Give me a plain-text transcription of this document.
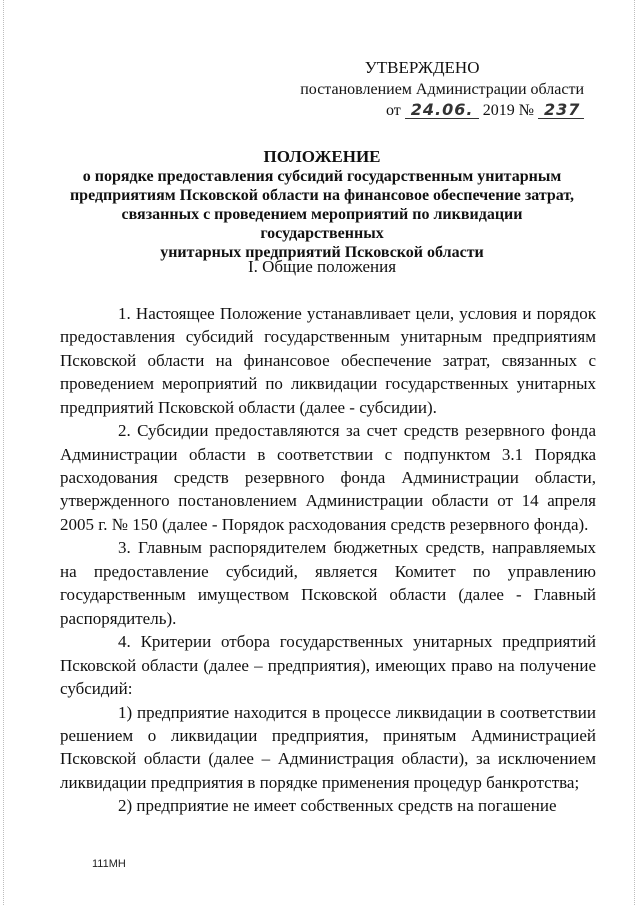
УТВЕРЖДЕНО
постановлением Администрации области
от 24.06. 2019 № 237
ПОЛОЖЕНИЕ
о порядке предоставления субсидий государственным унитарным
предприятиям Псковской области на финансовое обеспечение затрат,
связанных с проведением мероприятий по ликвидации государственных
унитарных предприятий Псковской области
I. Общие положения

1. Настоящее Положение устанавливает цели, условия и порядок предоставления субсидий государственным унитарным предприятиям Псковской области на финансовое обеспечение затрат, связанных с проведением мероприятий по ликвидации государственных унитарных предприятий Псковской области (далее - субсидии).

2. Субсидии предоставляются за счет средств резервного фонда Администрации области в соответствии с подпунктом 3.1 Порядка расходования средств резервного фонда Администрации области, утвержденного постановлением Администрации области от 14 апреля 2005 г. № 150 (далее - Порядок расходования средств резервного фонда).

3. Главным распорядителем бюджетных средств, направляемых на предоставление субсидий, является Комитет по управлению государственным имуществом Псковской области (далее - Главный распорядитель).

4. Критерии отбора государственных унитарных предприятий Псковской области (далее – предприятия), имеющих право на получение субсидий:

1) предприятие находится в процессе ликвидации в соответствии решением о ликвидации предприятия, принятым Администрацией Псковской области (далее – Администрация области), за исключением ликвидации предприятия в порядке применения процедур банкротства;

2) предприятие не имеет собственных средств на погашение

111МН
